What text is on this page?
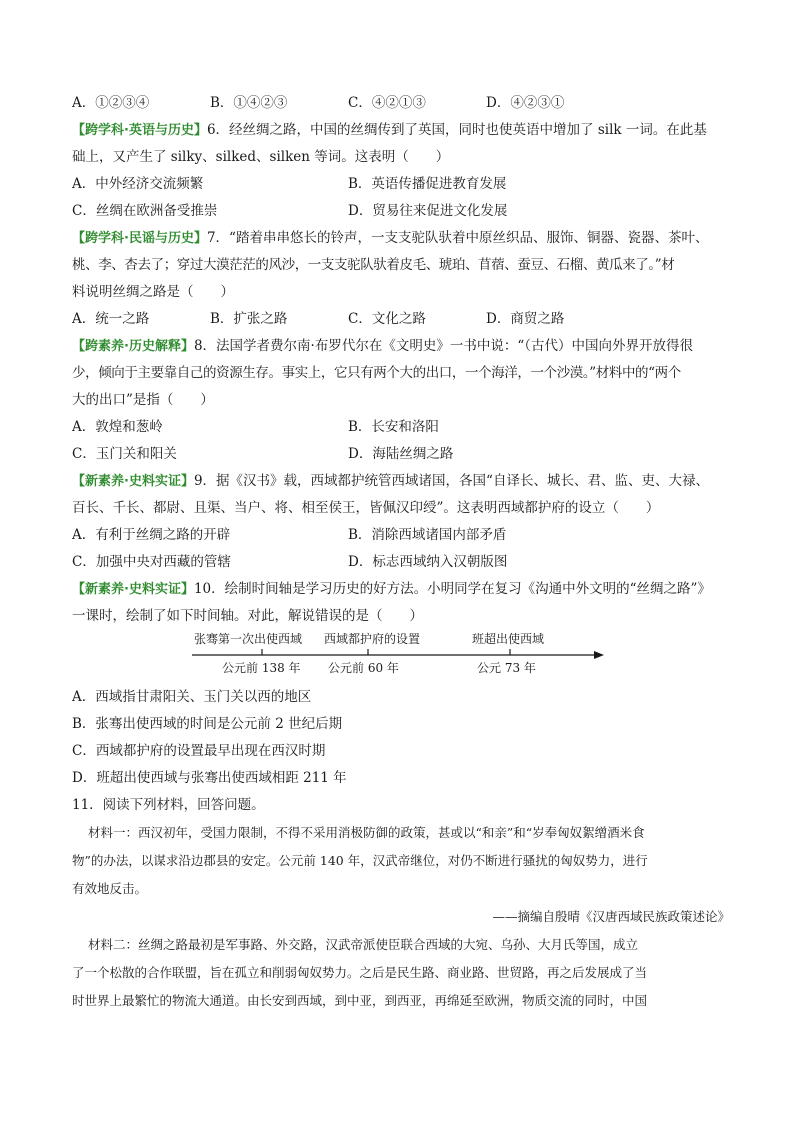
A．①②③④	B．①④②③	C．④②①③	D．④②③①
【跨学科·英语与历史】6．经丝绸之路，中国的丝绸传到了英国，同时也使英语中增加了 silk 一词。在此基
础上，又产生了 silky、silked、silken 等词。这表明（　　）
A．中外经济交流频繁	B．英语传播促进教育发展
C．丝绸在欧洲备受推崇	D．贸易往来促进文化发展
【跨学科·民谣与历史】7．“踏着串串悠长的铃声，一支支驼队驮着中原丝织品、服饰、铜器、瓷器、茶叶、
桃、李、杏去了；穿过大漠茫茫的风沙，一支支驼队驮着皮毛、琥珀、苜蓿、蚕豆、石榴、黄瓜来了。”材
料说明丝绸之路是（　　）
A．统一之路	B．扩张之路	C．文化之路	D．商贸之路
【跨素养·历史解释】8．法国学者费尔南·布罗代尔在《文明史》一书中说：“（古代）中国向外界开放得很
少，倾向于主要靠自己的资源生存。事实上，它只有两个大的出口，一个海洋，一个沙漠。”材料中的“两个
大的出口”是指（　　）
A．敦煌和葱岭	B．长安和洛阳
C．玉门关和阳关	D．海陆丝绸之路
【新素养·史料实证】9．据《汉书》载，西域都护统管西域诸国，各国“自译长、城长、君、监、吏、大禄、
百长、千长、都尉、且渠、当户、将、相至侯王，皆佩汉印绶”。这表明西域都护府的设立（　　）
A．有利于丝绸之路的开辟	B．消除西域诸国内部矛盾
C．加强中央对西藏的管辖	D．标志西域纳入汉朝版图
【新素养·史料实证】10．绘制时间轴是学习历史的好方法。小明同学在复习《沟通中外文明的“丝绸之路”》
一课时，绘制了如下时间轴。对此，解说错误的是（　　）
张骞第一次出使西域 西域都护府的设置	班超出使西域
公元前 138 年 公元前 60 年	公元 73 年
A．西域指甘肃阳关、玉门关以西的地区
B．张骞出使西域的时间是公元前 2 世纪后期
C．西域都护府的设置最早出现在西汉时期
D．班超出使西域与张骞出使西域相距 211 年
11．阅读下列材料，回答问题。
材料一：西汉初年，受国力限制，不得不采用消极防御的政策，甚或以“和亲”和“岁奉匈奴絮缯酒米食
物”的办法，以谋求沿边郡县的安定。公元前 140 年，汉武帝继位，对仍不断进行骚扰的匈奴势力，进行
有效地反击。
——摘编自殷晴《汉唐西域民族政策述论》
材料二：丝绸之路最初是军事路、外交路，汉武帝派使臣联合西域的大宛、乌孙、大月氏等国，成立
了一个松散的合作联盟，旨在孤立和削弱匈奴势力。之后是民生路、商业路、世贸路，再之后发展成了当
时世界上最繁忙的物流大通道。由长安到西域，到中亚，到西亚，再绵延至欧洲，物质交流的同时，中国
